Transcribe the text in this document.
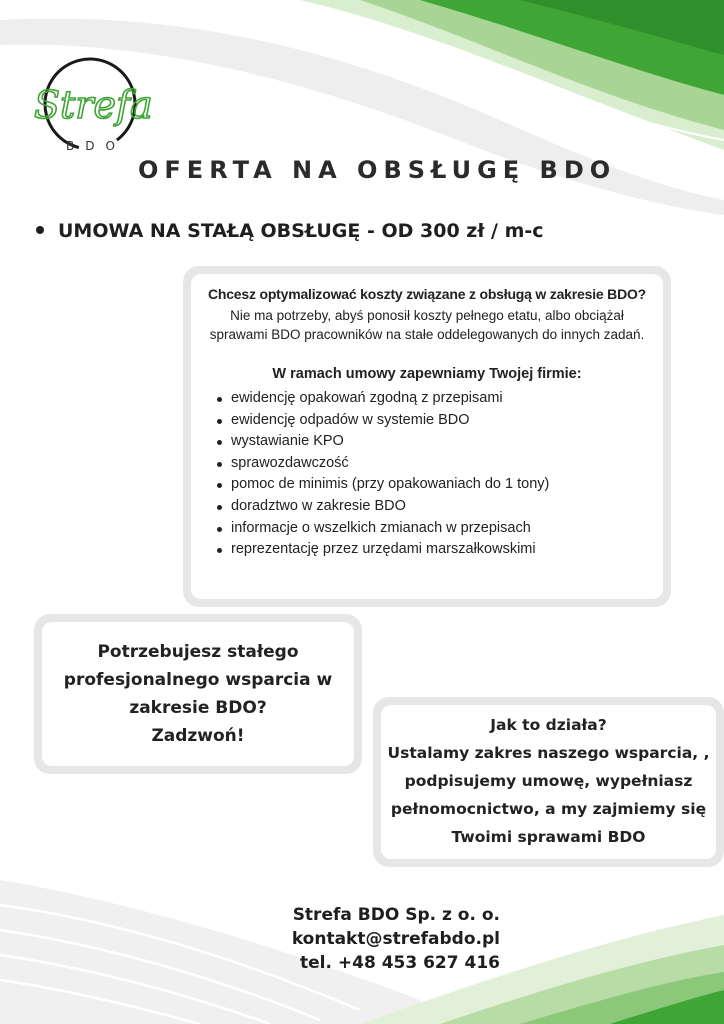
Strefa
BDO
OFERTA NA OBSŁUGĘ BDO
UMOWA NA STAŁĄ OBSŁUGĘ - OD 300 zł / m-c
Chcesz optymalizować koszty związane z obsługą w zakresie BDO?
Nie ma potrzeby, abyś ponosił koszty pełnego etatu, albo obciążał sprawami BDO pracowników na stałe oddelegowanych do innych zadań.
W ramach umowy zapewniamy Twojej firmie:
ewidencję opakowań zgodną z przepisami
ewidencję odpadów w systemie BDO
wystawianie KPO
sprawozdawczość
pomoc de minimis (przy opakowaniach do 1 tony)
doradztwo w zakresie BDO
informacje o wszelkich zmianach w przepisach
reprezentację przez urzędami marszałkowskimi
Potrzebujesz stałego
profesjonalnego wsparcia w
zakresie BDO?
Zadzwoń!
Jak to działa?
Ustalamy zakres naszego wsparcia, ,
podpisujemy umowę, wypełniasz
pełnomocnictwo, a my zajmiemy się
Twoimi sprawami BDO
Strefa BDO Sp. z o. o.
kontakt@strefabdo.pl
tel. +48 453 627 416
